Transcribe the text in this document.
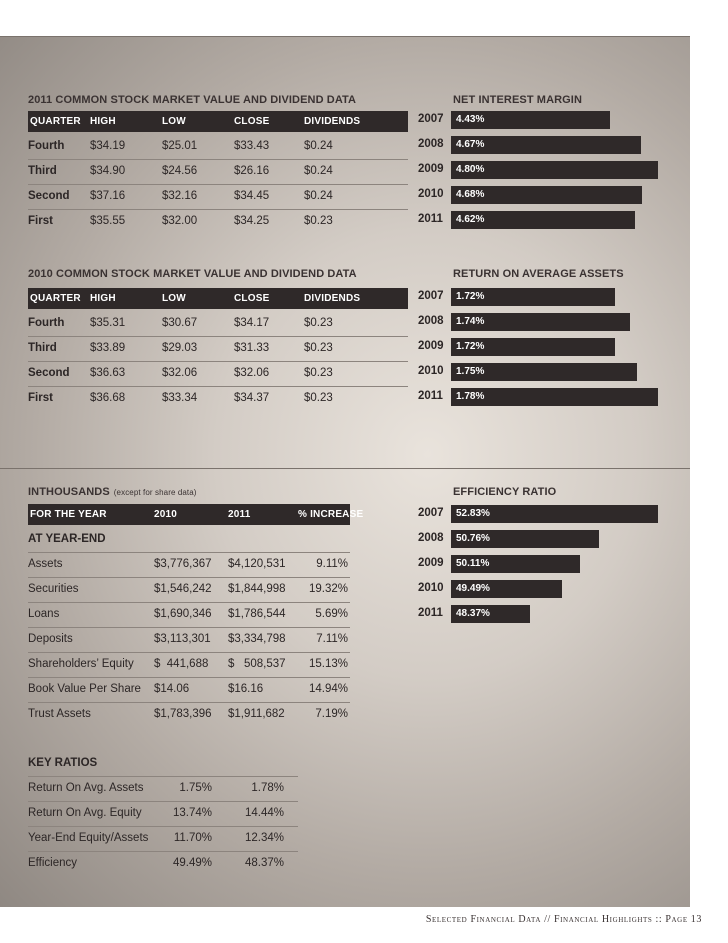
2011 COMMON STOCK MARKET VALUE AND DIVIDEND DATA
QUARTER HIGH	LOW	CLOSE	DIVIDENDS
Fourth $34.19	$25.01	$33.43	$0.24
Third	$34.90	$24.56	$26.16	$0.24
Second $37.16	$32.16	$34.45	$0.24
First	$35.55	$32.00	$34.25	$0.23
2010 COMMON STOCK MARKET VALUE AND DIVIDEND DATA
QUARTER HIGH	LOW	CLOSE	DIVIDENDS
Fourth $35.31	$30.67	$34.17	$0.23
Third	$33.89	$29.03	$31.33	$0.23
Second $36.63	$32.06	$32.06	$0.23
First	$36.68	$33.34	$34.37	$0.23
INTHOUSANDS (except for share data)
FOR THE YEAR	2010	2011	% INCREASE
AT YEAR-END
Assets	$3,776,367 $4,120,531	9.11%
Securities	$1,546,242 $1,844,998 19.32%
Loans	$1,690,346 $1,786,544	5.69%
Deposits	$3,113,301 $3,334,798	7.11%
Shareholders’ Equity $  441,688 $   508,537 15.13%
Book Value Per Share $14.06	$16.16	14.94%
Trust Assets	$1,783,396 $1,911,682	7.19%
KEY RATIOS
Return On Avg. Assets	1.75%	1.78%
Return On Avg. Equity	13.74%	14.44%
Year-End Equity/Assets 11.70%	12.34%
Efficiency	49.49%	48.37%
NET INTEREST MARGIN
2007 4.43%
2008 4.67%
2009 4.80%
2010 4.68%
2011 4.62%
RETURN ON AVERAGE ASSETS
2007 1.72%
2008 1.74%
2009 1.72%
2010 1.75%
2011 1.78%
EFFICIENCY RATIO
2007 52.83%
2008 50.76%
2009 50.11%
2010 49.49%
2011 48.37%
Selected Financial Data // Financial Highlights :: Page 13
